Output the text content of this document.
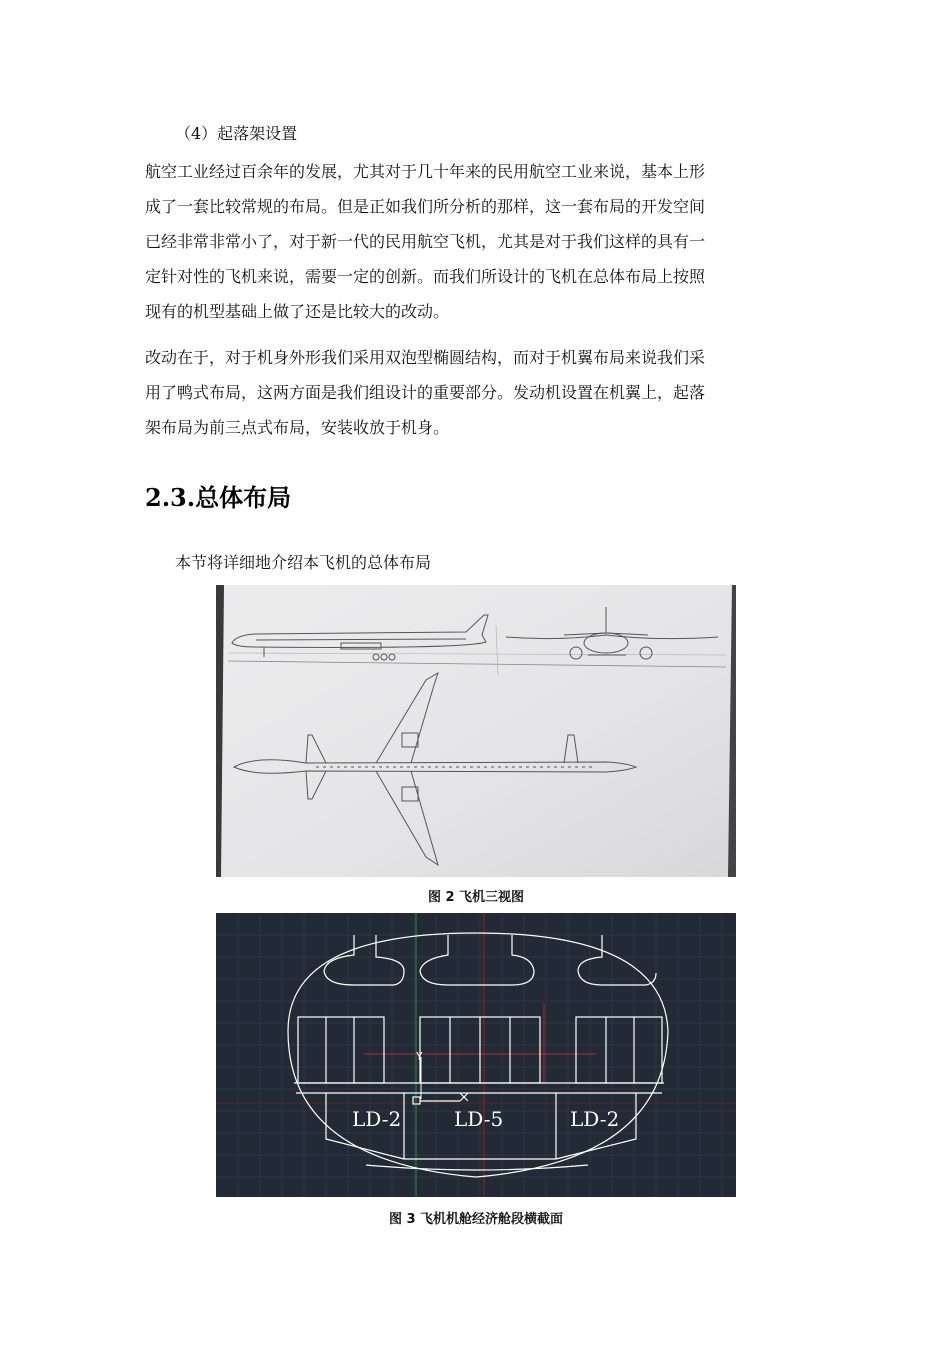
（4）起落架设置
航空工业经过百余年的发展，尤其对于几十年来的民用航空工业来说，基本上形
成了一套比较常规的布局。但是正如我们所分析的那样，这一套布局的开发空间
已经非常非常小了，对于新一代的民用航空飞机，尤其是对于我们这样的具有一
定针对性的飞机来说，需要一定的创新。而我们所设计的飞机在总体布局上按照
现有的机型基础上做了还是比较大的改动。
改动在于，对于机身外形我们采用双泡型椭圆结构，而对于机翼布局来说我们采
用了鸭式布局，这两方面是我们组设计的重要部分。发动机设置在机翼上，起落
架布局为前三点式布局，安装收放于机身。
2.3.总体布局
本节将详细地介绍本飞机的总体布局
图 2 飞机三视图
Y
LD-2	LD-5	LD-2
图 3 飞机机舱经济舱段横截面
